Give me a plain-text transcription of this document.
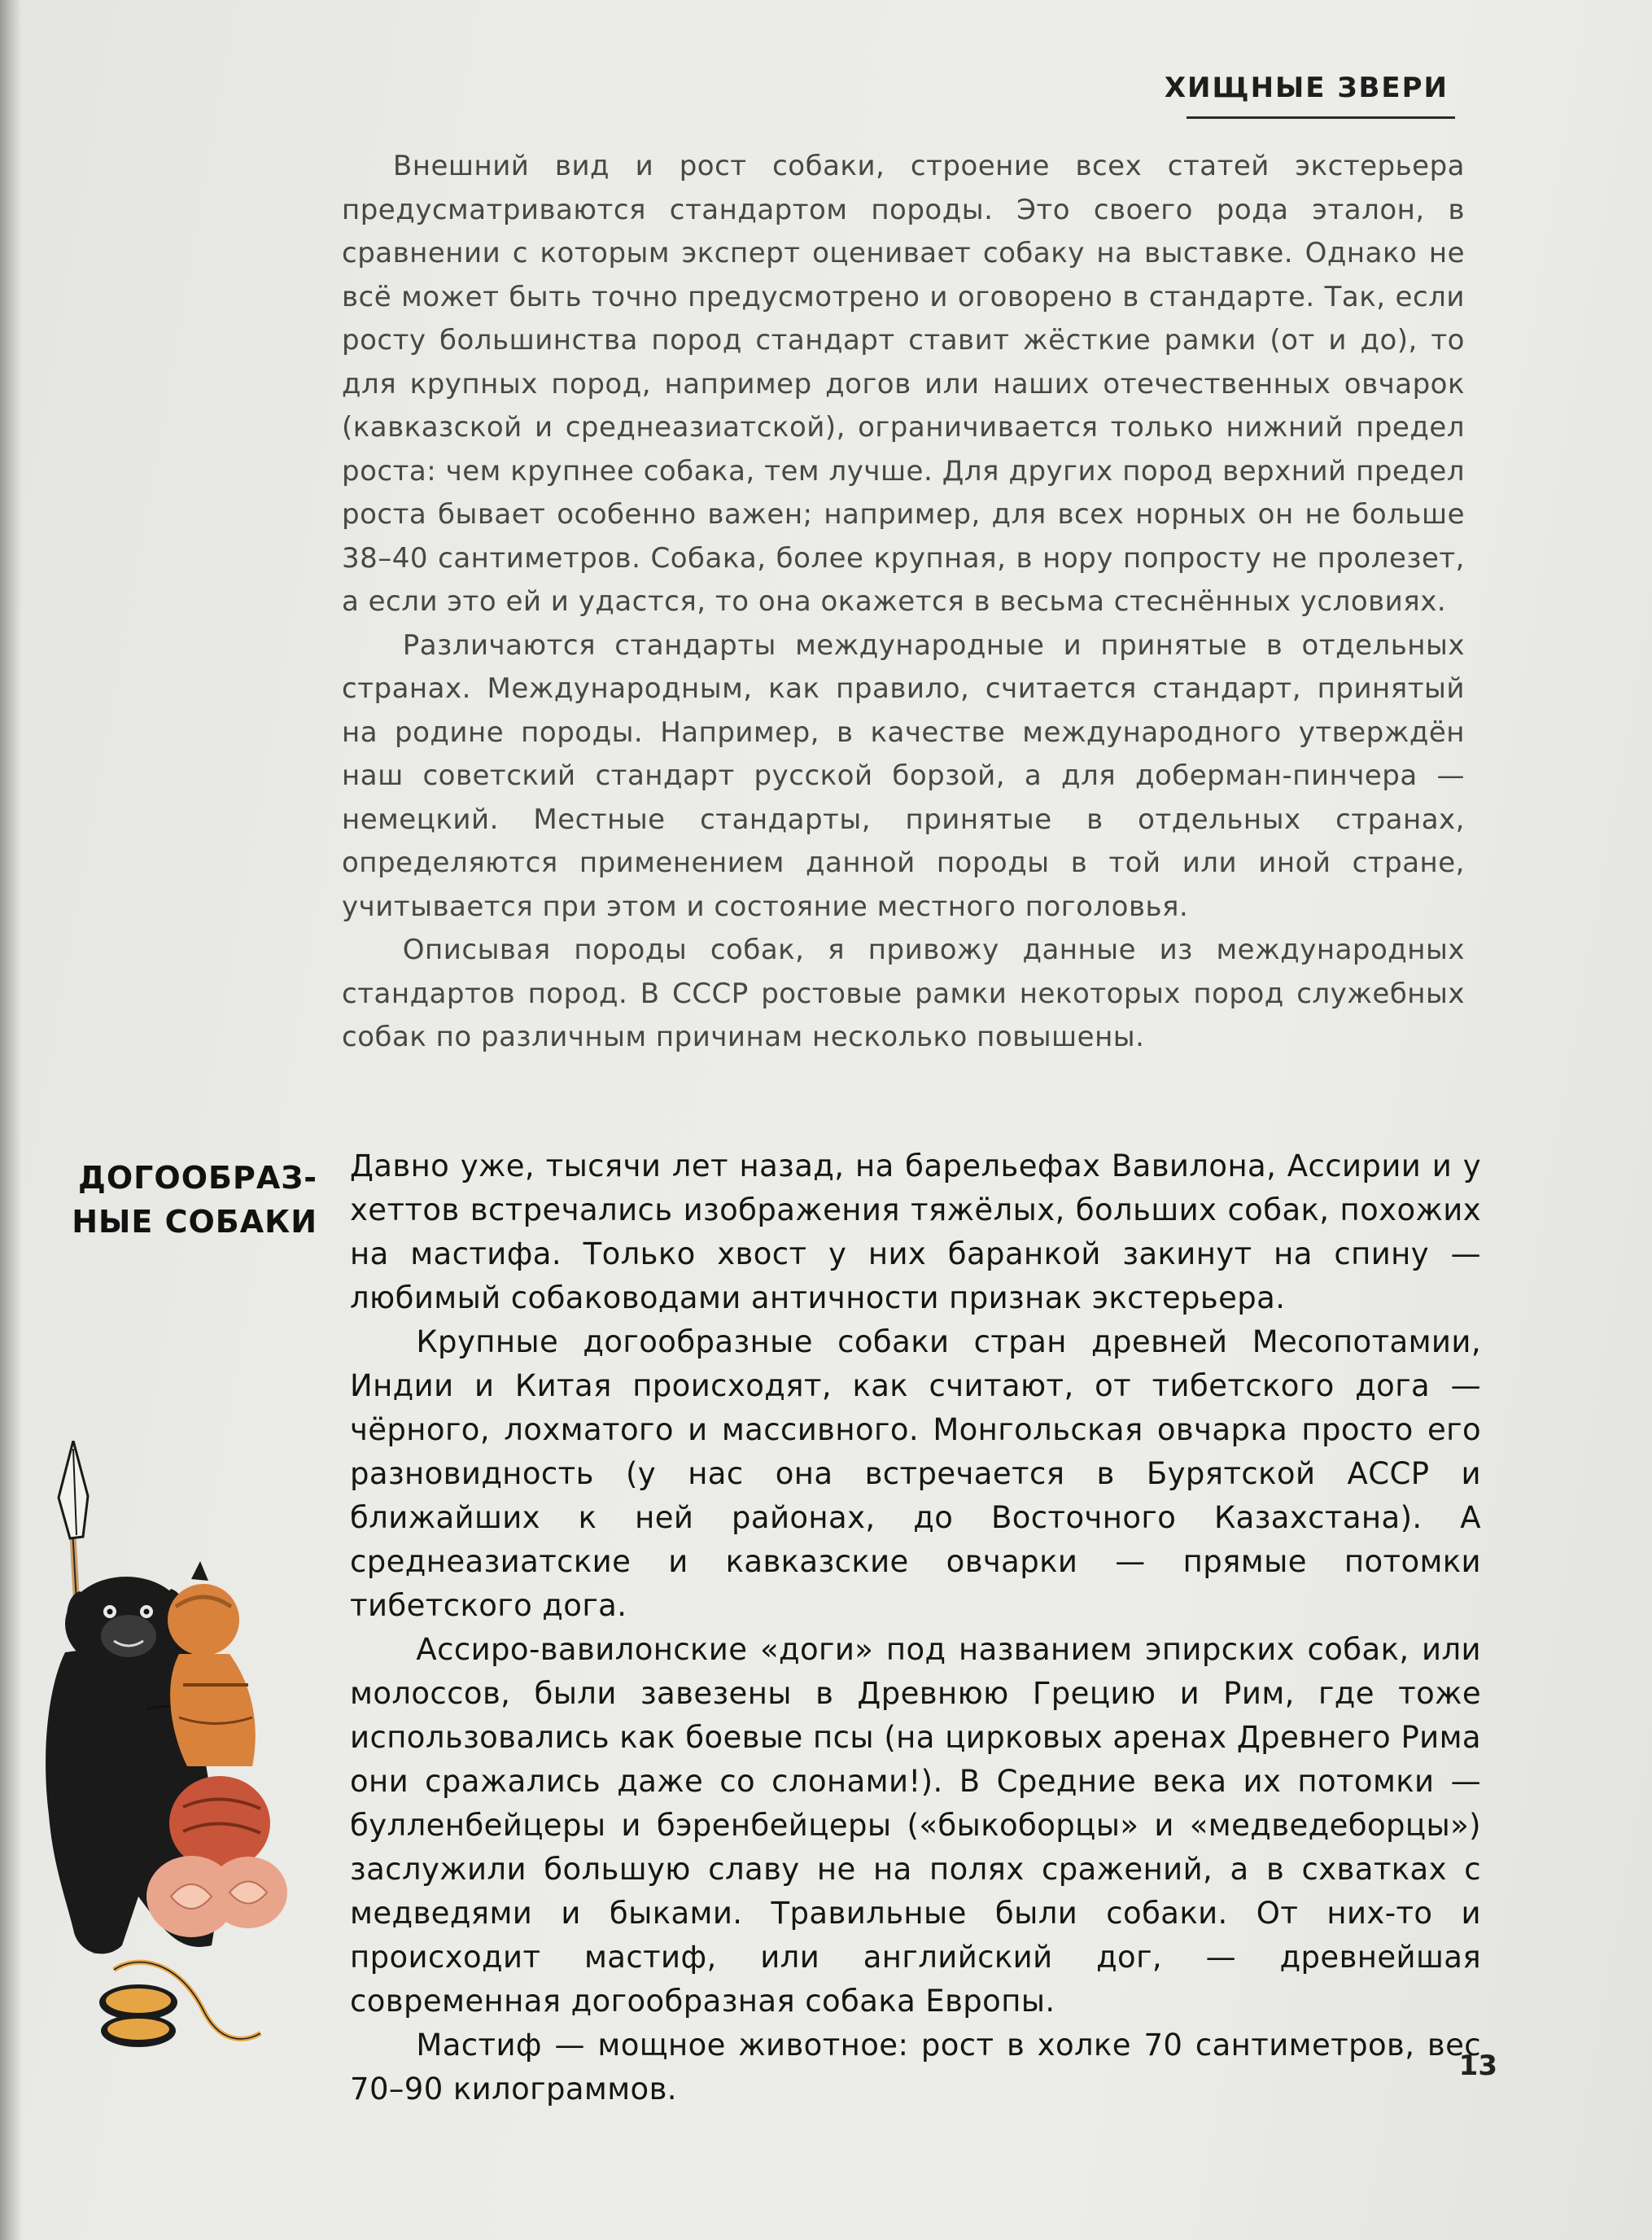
ХИЩНЫЕ ЗВЕРИ

Внешний вид и рост собаки, строение всех статей экстерьера предусматриваются стандартом породы. Это своего рода эталон, в сравнении с которым эксперт оценивает собаку на выставке. Однако не всё может быть точно предусмотрено и оговорено в стандарте. Так, если росту большинства пород стандарт ставит жёсткие рамки (от и до), то для крупных пород, например догов или наших отечественных овчарок (кавказской и среднеазиатской), ограничивается только нижний предел роста: чем крупнее собака, тем лучше. Для других пород верхний предел роста бывает особенно важен; например, для всех норных он не больше 38–40 сантиметров. Собака, более крупная, в нору попросту не пролезет, а если это ей и удастся, то она окажется в весьма стеснённых условиях.

Различаются стандарты международные и принятые в отдельных странах. Международным, как правило, считается стандарт, принятый на родине породы. Например, в качестве международного утверждён наш советский стандарт русской борзой, а для доберман-пинчера — немецкий. Местные стандарты, принятые в отдельных странах, определяются применением данной породы в той или иной стране, учитывается при этом и состояние местного поголовья.

Описывая породы собак, я привожу данные из международных стандартов пород. В СССР ростовые рамки некоторых пород служебных собак по различным причинам несколько повышены.

ДОГООБРАЗ-
НЫЕ СОБАКИ

Давно уже, тысячи лет назад, на барельефах Вавилона, Ассирии и у хеттов встречались изображения тяжёлых, больших собак, похожих на мастифа. Только хвост у них баранкой закинут на спину — любимый собаководами античности признак экстерьера.

Крупные догообразные собаки стран древней Месопотамии, Индии и Китая происходят, как считают, от тибетского дога — чёрного, лохматого и массивного. Монгольская овчарка просто его разновидность (у нас она встречается в Бурятской АССР и ближайших к ней районах, до Восточного Казахстана). А среднеазиатские и кавказские овчарки — прямые потомки тибетского дога.

Ассиро-вавилонские «доги» под названием эпирских собак, или молоссов, были завезены в Древнюю Грецию и Рим, где тоже использовались как боевые псы (на цирковых аренах Древнего Рима они сражались даже со слонами!). В Средние века их потомки — булленбейцеры и бэренбейцеры («быкоборцы» и «медведеборцы») заслужили большую славу не на полях сражений, а в схватках с медведями и быками. Травильные были собаки. От них-то и происходит мастиф, или английский дог, — древнейшая современная догообразная собака Европы.

Мастиф — мощное животное: рост в холке 70 сантиметров, вес 70–90 килограммов.

13
